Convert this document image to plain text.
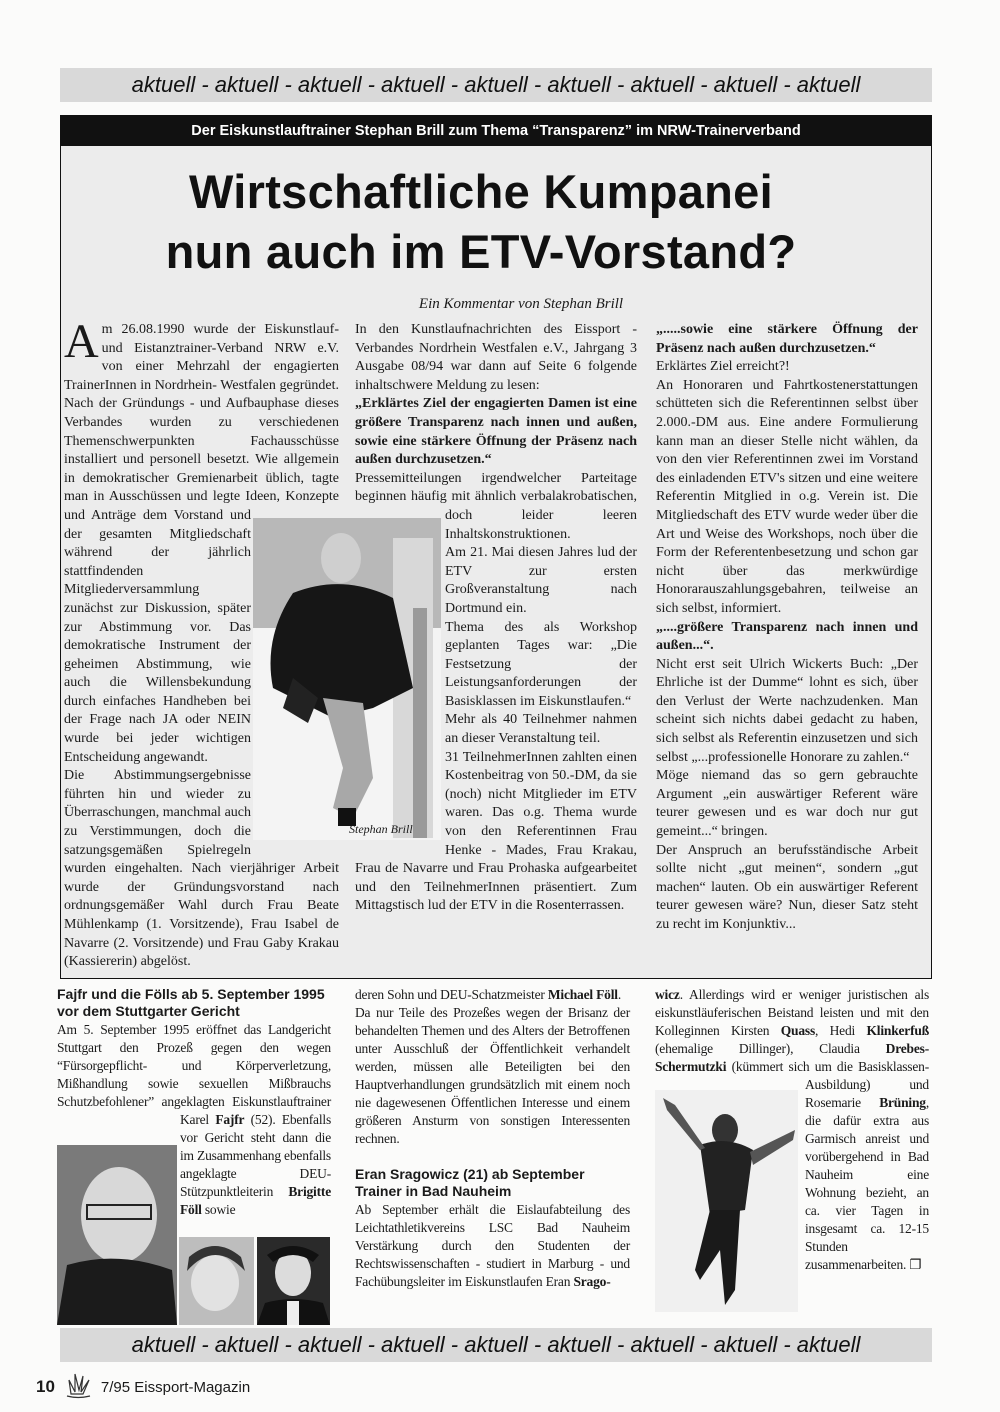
aktuell - aktuell - aktuell - aktuell - aktuell - aktuell - aktuell - aktuell - aktuell
Der Eiskunstlauftrainer Stephan Brill zum Thema “Transparenz” im NRW-Trainerverband
Wirtschaftliche Kumpanei
nun auch im ETV-Vorstand?
Ein Kommentar von Stephan Brill
A m 26.08.1990 wurde der Eiskunstlauf- und Eistanztrainer-Verband NRW e.V. von einer Mehrzahl der engagierten TrainerInnen in Nordrhein- Westfalen gegründet. Nach der Gründungs - und Aufbauphase dieses Verbandes wurden zu verschiedenen Themenschwerpunkten Fachausschüsse installiert und personell besetzt. Wie allgemein in demokratischer Gremienarbeit üblich, tagte man in Ausschüssen und legte Ideen, Konzepte und Anträge dem Vorstand und der gesamten Mitgliedschaft während der jährlich stattfindenden Mitgliederversammlung zunächst zur Diskussion, später zur Abstimmung vor. Das demokratische Instrument der geheimen Abstimmung, wie auch die Willensbekundung durch einfaches Handheben bei der Frage nach JA oder NEIN wurde bei jeder wichtigen Entscheidung angewandt.

Die Abstimmungsergebnisse führten hin und wieder zu Überraschungen, manchmal auch zu Verstimmungen, doch die satzungsgemäßen Spielregeln wurden eingehalten. Nach vierjähriger Arbeit wurde der Gründungsvorstand nach ordnungsgemäßer Wahl durch Frau Beate Mühlenkamp (1. Vorsitzende), Frau Isabel de Navarre (2. Vorsitzende) und Frau Gaby Krakau (Kassiererin) abgelöst.

In den Kunstlaufnachrichten des Eissport - Verbandes Nordrhein Westfalen e.V., Jahrgang 3 Ausgabe 08/94 war dann auf Seite 6 folgende inhaltschwere Meldung zu lesen:

„Erklärtes Ziel der engagierten Damen ist eine größere Transparenz nach innen und außen, sowie eine stärkere Öffnung der Präsenz nach außen durchzusetzen.“

Pressemitteilungen irgendwelcher Parteitage beginnen häufig mit ähnlich verbalakrobatischen, doch leider leeren Inhaltskonstruktionen.

Am 21. Mai diesen Jahres lud der ETV zur ersten Großveranstaltung nach Dortmund ein.

Thema des als Workshop geplanten Tages war: „Die Festsetzung der Leistungsanforderungen der Basisklassen im Eiskunstlaufen.“

Mehr als 40 Teilnehmer nahmen an dieser Veranstaltung teil.

31 TeilnehmerInnen zahlten einen Kostenbeitrag von 50.-DM, da sie (noch) nicht Mitglieder im ETV waren. Das o.g. Thema wurde von den Referentinnen Frau Henke - Mades, Frau Krakau, Frau de Navarre und Frau Prohaska aufgearbeitet und den TeilnehmerInnen präsentiert. Zum Mittagstisch lud der ETV in die Rosenterrassen.

„.....sowie eine stärkere Öffnung der Präsenz nach außen durchzusetzen.“

Erklärtes Ziel erreicht?!

An Honoraren und Fahrtkostenerstattungen schütteten sich die Referentinnen selbst über 2.000.-DM aus. Eine andere Formulierung kann man an dieser Stelle nicht wählen, da von den vier Referentinnen zwei im Vorstand des einladenden ETV's sitzen und eine weitere Referentin Mitglied in o.g. Verein ist. Die Mitgliedschaft des ETV wurde weder über die Art und Weise des Workshops, noch über die Form der Referentenbesetzung und schon gar nicht über das merkwürdige Honorarauszahlungsgebahren, teilweise an sich selbst, informiert.

„....größere Transparenz nach innen und außen...“.

Nicht erst seit Ulrich Wickerts Buch: „Der Ehrliche ist der Dumme“ lohnt es sich, über den Verlust der Werte nachzudenken. Man scheint sich nichts dabei gedacht zu haben, sich selbst als Referentin einzusetzen und sich selbst „...professionelle Honorare zu zahlen.“

Möge niemand das so gern gebrauchte Argument „ein auswärtiger Referent wäre teurer gewesen und es war doch nur gut gemeint...“ bringen.

Der Anspruch an berufsständische Arbeit sollte nicht „gut meinen“, sondern „gut machen“ lauten. Ob ein auswärtiger Referent teurer gewesen wäre? Nun, dieser Satz steht zu recht im Konjunktiv...

Stephan Brill
Fajfr und die Fölls ab 5. September 1995 vor dem Stuttgarter Gericht

Am 5. September 1995 eröffnet das Landgericht Stuttgart den Prozeß gegen den wegen “Fürsorgepflicht- und Körperverletzung, Mißhandlung sowie sexuellen Mißbrauchs Schutzbefohlener” angeklagten Eiskunstlauftrainer Karel Fajfr (52). Ebenfalls vor Gericht steht dann die im Zusammenhang ebenfalls angeklagte DEU-Stützpunktleiterin Brigitte Föll sowie

deren Sohn und DEU-Schatzmeister Michael Föll.

Da nur Teile des Prozeßes wegen der Brisanz der behandelten Themen und des Alters der Betroffenen unter Ausschluß der Öffentlichkeit verhandelt werden, müssen alle Beteiligten bei den Hauptverhandlungen grundsätzlich mit einem noch nie dagewesenen Öffentlichen Interesse und einem größeren Ansturm von sonstigen Interessenten rechnen.

Eran Sragowicz (21) ab September Trainer in Bad Nauheim

Ab September erhält die Eislaufabteilung des Leichtathletikvereins LSC Bad Nauheim Verstärkung durch den Studenten der Rechtswissenschaften - studiert in Marburg - und Fachübungsleiter im Eiskunstlaufen Eran Srago-

wicz. Allerdings wird er weniger juristischen als eiskunstläuferischen Beistand leisten und mit den Kolleginnen Kirsten Quass, Hedi Klinkerfuß (ehemalige Dillinger), Claudia Drebes-Schermutzki (kümmert sich um die Basisklassen-Ausbildung) und Rosemarie Brüning, die dafür extra aus Garmisch anreist und vorübergehend in Bad Nauheim eine Wohnung bezieht, an ca. vier Tagen in insgesamt ca. 12-15 Stunden zusammenarbeiten. ❐

aktuell - aktuell - aktuell - aktuell - aktuell - aktuell - aktuell - aktuell - aktuell
10	7/95 Eissport-Magazin
